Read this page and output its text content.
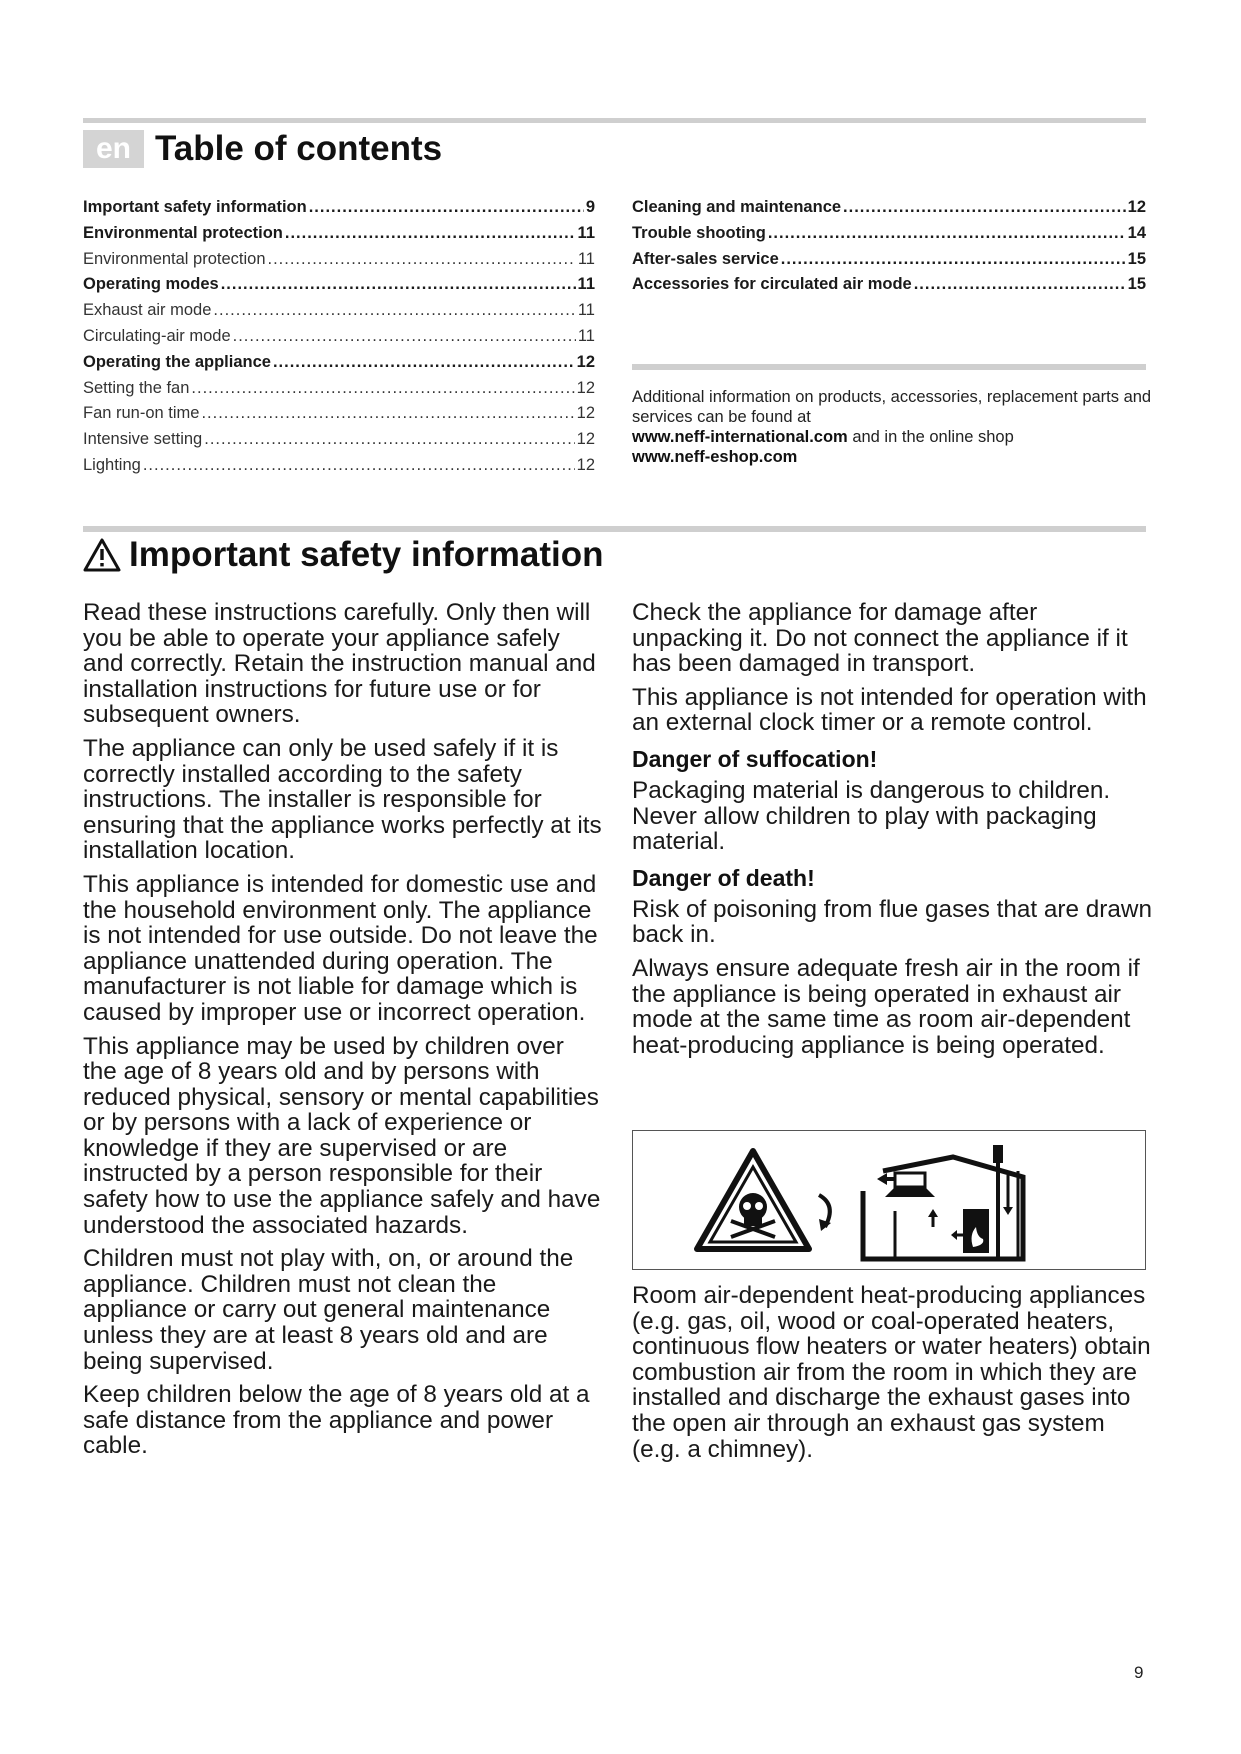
en Table of contents
Important safety information .....	9
Environmental protection .....	11
Environmental protection .....	11
Operating modes .....	11
Exhaust air mode .....	11
Circulating-air mode .....	11
Operating the appliance .....	12
Setting the fan .....	12
Fan run-on time .....	12
Intensive setting .....	12
Lighting .....	12
Cleaning and maintenance .....	12
Trouble shooting .....	14
After-sales service .....	15
Accessories for circulated air mode .....	15
Additional information on products, accessories, replacement parts and services can be found at
www.neff-international.com and in the online shop
www.neff-eshop.com
Important safety information

Read these instructions carefully. Only then will you be able to operate your appliance safely and correctly. Retain the instruction manual and installation instructions for future use or for subsequent owners.

The appliance can only be used safely if it is correctly installed according to the safety instructions. The installer is responsible for ensuring that the appliance works perfectly at its installation location.

This appliance is intended for domestic use and the household environment only. The appliance is not intended for use outside. Do not leave the appliance unattended during operation. The manufacturer is not liable for damage which is caused by improper use or incorrect operation.

This appliance may be used by children over the age of 8 years old and by persons with reduced physical, sensory or mental capabilities or by persons with a lack of experience or knowledge if they are supervised or are instructed by a person responsible for their safety how to use the appliance safely and have understood the associated hazards.

Children must not play with, on, or around the appliance. Children must not clean the appliance or carry out general maintenance unless they are at least 8 years old and are being supervised.

Keep children below the age of 8 years old at a safe distance from the appliance and power cable.

Check the appliance for damage after unpacking it. Do not connect the appliance if it has been damaged in transport.

This appliance is not intended for operation with an external clock timer or a remote control.

Danger of suffocation!

Packaging material is dangerous to children. Never allow children to play with packaging material.

Danger of death!

Risk of poisoning from flue gases that are drawn back in.

Always ensure adequate fresh air in the room if the appliance is being operated in exhaust air mode at the same time as room air-dependent heat-producing appliance is being operated.

Room air-dependent heat-producing appliances (e.g. gas, oil, wood or coal-operated heaters, continuous flow heaters or water heaters) obtain combustion air from the room in which they are installed and discharge the exhaust gases into the open air through an exhaust gas system (e.g. a chimney).

9
